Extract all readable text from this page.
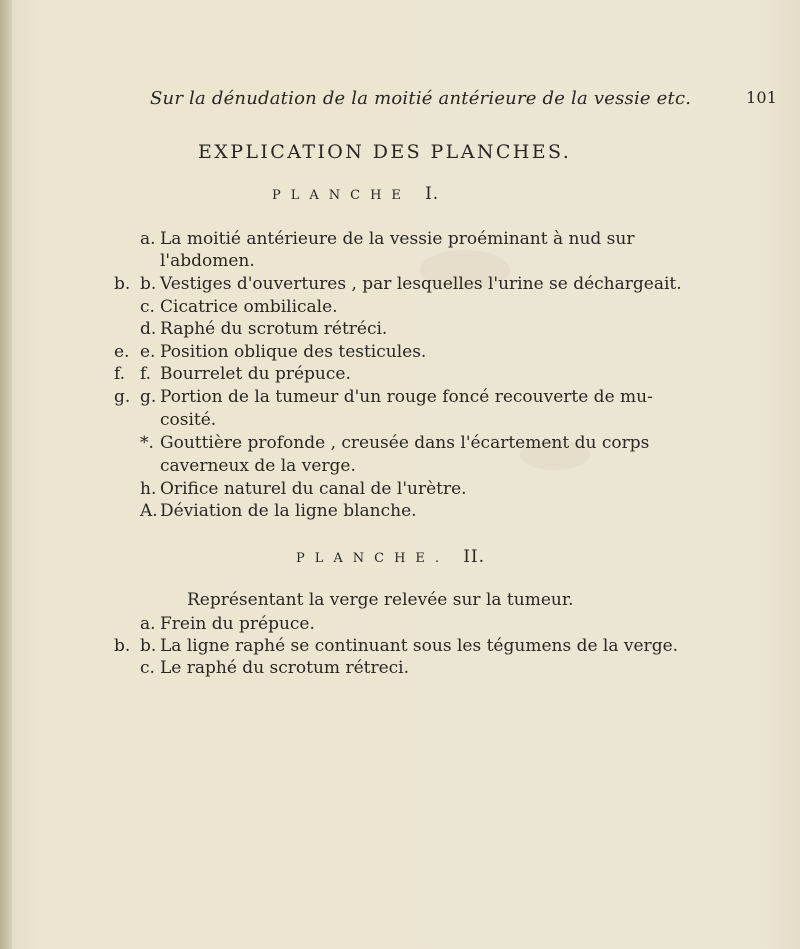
Sur la dénudation de la moitié antérieure de la vessie etc.	101
EXPLICATION DES PLANCHES.
PLANCHE I.
a. La moitié antérieure de la vessie proéminant à nud sur
l'abdomen.
b. b. Vestiges d'ouvertures , par lesquelles l'urine se déchargeait.
c. Cicatrice ombilicale.
d. Raphé du scrotum rétréci.
e. e. Position oblique des testicules.
f. f. Bourrelet du prépuce.
g. g. Portion de la tumeur d'un rouge foncé recouverte de mu-
cosité.
*. Gouttière profonde , creusée dans l'écartement du corps
caverneux de la verge.
h. Orifice naturel du canal de l'urètre.
A. Déviation de la ligne blanche.
PLANCHE. II.
Représentant la verge relevée sur la tumeur.
a. Frein du prépuce.
b. b. La ligne raphé se continuant sous les tégumens de la verge.
c. Le raphé du scrotum rétreci.
